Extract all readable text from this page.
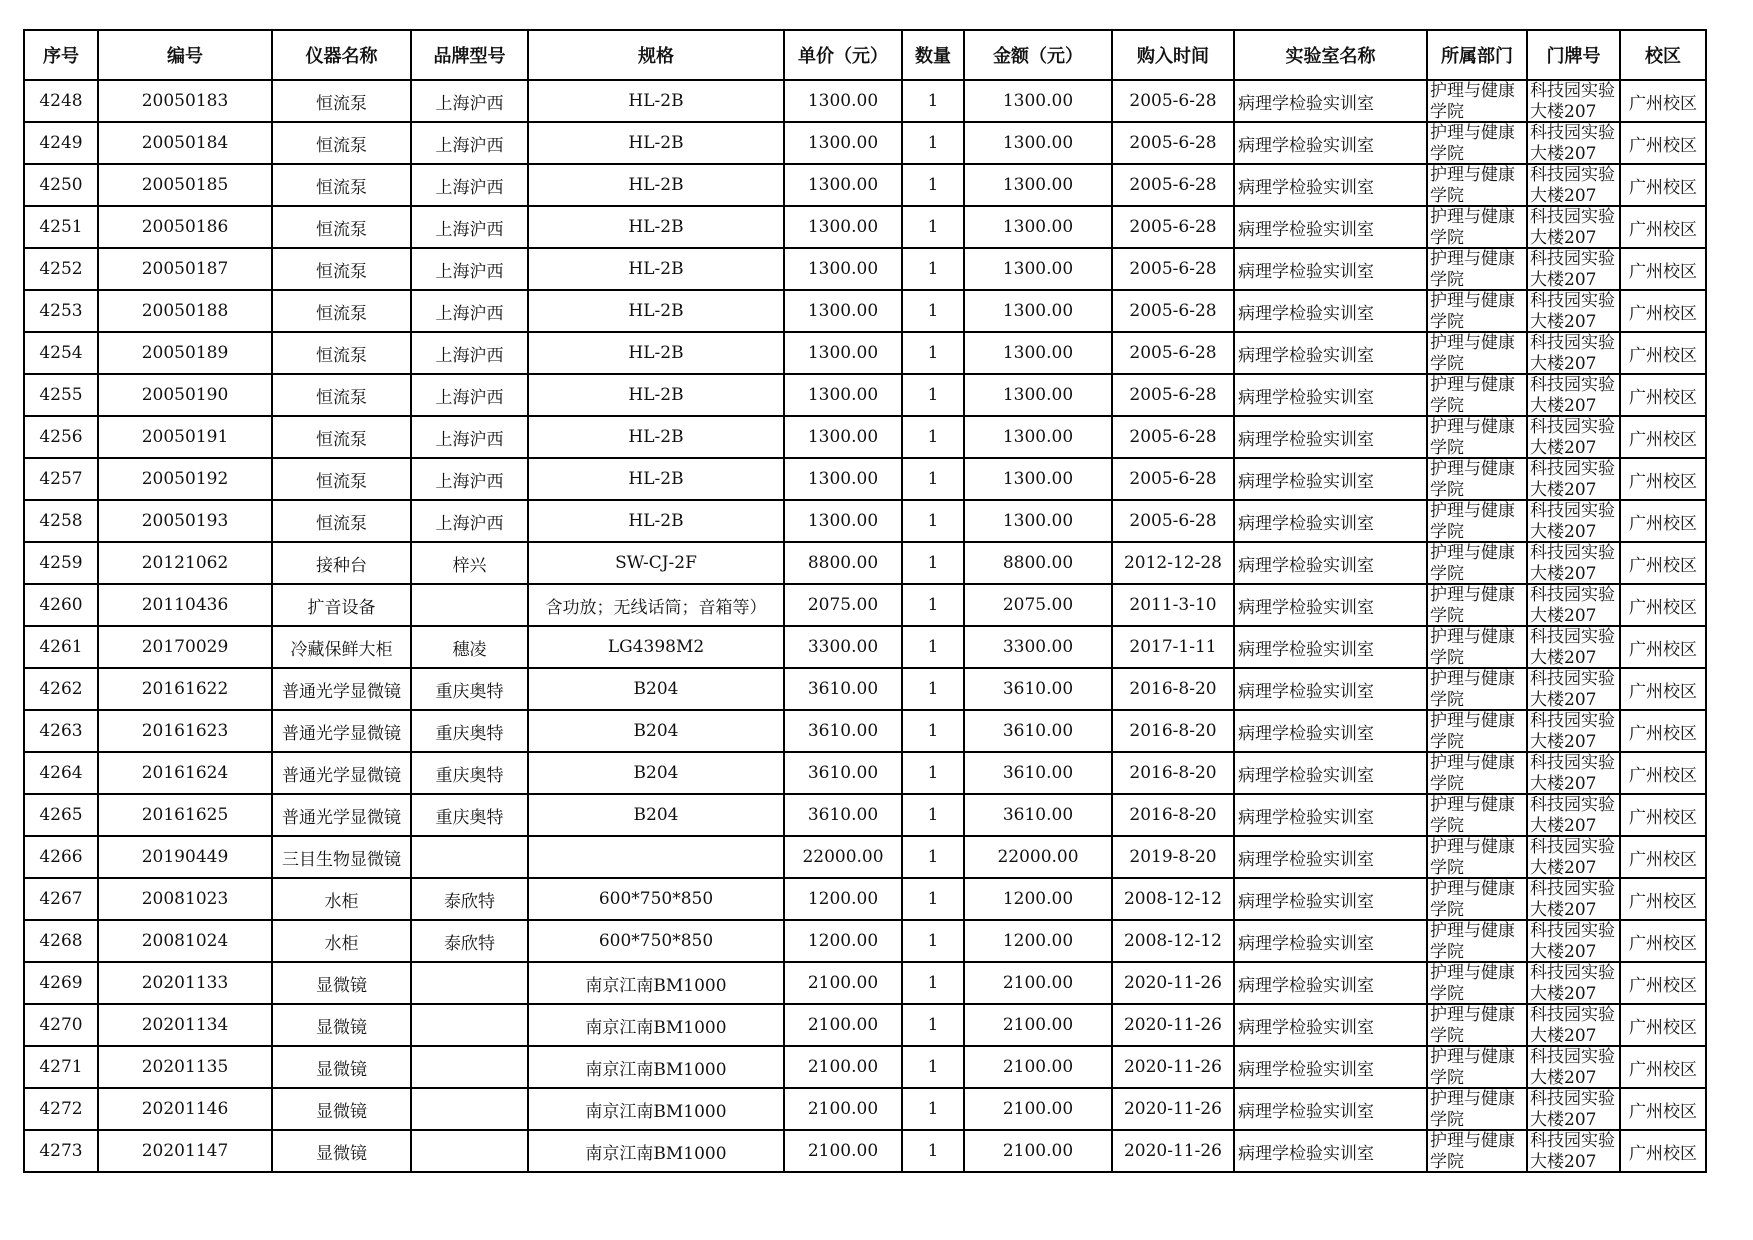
序号	编号	仪器名称	品牌型号	规格	单价（元）	数量	金额（元）	购入时间	实验室名称	所属部门	门牌号	校区
4248	20050183	恒流泵	上海沪西	HL-2B	1300.00	1	1300.00	2005-6-28	病理学检验实训室	护理与健康学院	科技园实验大楼207	广州校区
4249	20050184	恒流泵	上海沪西	HL-2B	1300.00	1	1300.00	2005-6-28	病理学检验实训室	护理与健康学院	科技园实验大楼207	广州校区
4250	20050185	恒流泵	上海沪西	HL-2B	1300.00	1	1300.00	2005-6-28	病理学检验实训室	护理与健康学院	科技园实验大楼207	广州校区
4251	20050186	恒流泵	上海沪西	HL-2B	1300.00	1	1300.00	2005-6-28	病理学检验实训室	护理与健康学院	科技园实验大楼207	广州校区
4252	20050187	恒流泵	上海沪西	HL-2B	1300.00	1	1300.00	2005-6-28	病理学检验实训室	护理与健康学院	科技园实验大楼207	广州校区
4253	20050188	恒流泵	上海沪西	HL-2B	1300.00	1	1300.00	2005-6-28	病理学检验实训室	护理与健康学院	科技园实验大楼207	广州校区
4254	20050189	恒流泵	上海沪西	HL-2B	1300.00	1	1300.00	2005-6-28	病理学检验实训室	护理与健康学院	科技园实验大楼207	广州校区
4255	20050190	恒流泵	上海沪西	HL-2B	1300.00	1	1300.00	2005-6-28	病理学检验实训室	护理与健康学院	科技园实验大楼207	广州校区
4256	20050191	恒流泵	上海沪西	HL-2B	1300.00	1	1300.00	2005-6-28	病理学检验实训室	护理与健康学院	科技园实验大楼207	广州校区
4257	20050192	恒流泵	上海沪西	HL-2B	1300.00	1	1300.00	2005-6-28	病理学检验实训室	护理与健康学院	科技园实验大楼207	广州校区
4258	20050193	恒流泵	上海沪西	HL-2B	1300.00	1	1300.00	2005-6-28	病理学检验实训室	护理与健康学院	科技园实验大楼207	广州校区
4259	20121062	接种台	梓兴	SW-CJ-2F	8800.00	1	8800.00	2012-12-28	病理学检验实训室	护理与健康学院	科技园实验大楼207	广州校区
4260	20110436	扩音设备		含功放；无线话筒；音箱等）	2075.00	1	2075.00	2011-3-10	病理学检验实训室	护理与健康学院	科技园实验大楼207	广州校区
4261	20170029	冷藏保鲜大柜	穗凌	LG4398M2	3300.00	1	3300.00	2017-1-11	病理学检验实训室	护理与健康学院	科技园实验大楼207	广州校区
4262	20161622	普通光学显微镜	重庆奥特	B204	3610.00	1	3610.00	2016-8-20	病理学检验实训室	护理与健康学院	科技园实验大楼207	广州校区
4263	20161623	普通光学显微镜	重庆奥特	B204	3610.00	1	3610.00	2016-8-20	病理学检验实训室	护理与健康学院	科技园实验大楼207	广州校区
4264	20161624	普通光学显微镜	重庆奥特	B204	3610.00	1	3610.00	2016-8-20	病理学检验实训室	护理与健康学院	科技园实验大楼207	广州校区
4265	20161625	普通光学显微镜	重庆奥特	B204	3610.00	1	3610.00	2016-8-20	病理学检验实训室	护理与健康学院	科技园实验大楼207	广州校区
4266	20190449	三目生物显微镜			22000.00	1	22000.00	2019-8-20	病理学检验实训室	护理与健康学院	科技园实验大楼207	广州校区
4267	20081023	水柜	泰欣特	600*750*850	1200.00	1	1200.00	2008-12-12	病理学检验实训室	护理与健康学院	科技园实验大楼207	广州校区
4268	20081024	水柜	泰欣特	600*750*850	1200.00	1	1200.00	2008-12-12	病理学检验实训室	护理与健康学院	科技园实验大楼207	广州校区
4269	20201133	显微镜		南京江南BM1000	2100.00	1	2100.00	2020-11-26	病理学检验实训室	护理与健康学院	科技园实验大楼207	广州校区
4270	20201134	显微镜		南京江南BM1000	2100.00	1	2100.00	2020-11-26	病理学检验实训室	护理与健康学院	科技园实验大楼207	广州校区
4271	20201135	显微镜		南京江南BM1000	2100.00	1	2100.00	2020-11-26	病理学检验实训室	护理与健康学院	科技园实验大楼207	广州校区
4272	20201146	显微镜		南京江南BM1000	2100.00	1	2100.00	2020-11-26	病理学检验实训室	护理与健康学院	科技园实验大楼207	广州校区
4273	20201147	显微镜		南京江南BM1000	2100.00	1	2100.00	2020-11-26	病理学检验实训室	护理与健康学院	科技园实验大楼207	广州校区
